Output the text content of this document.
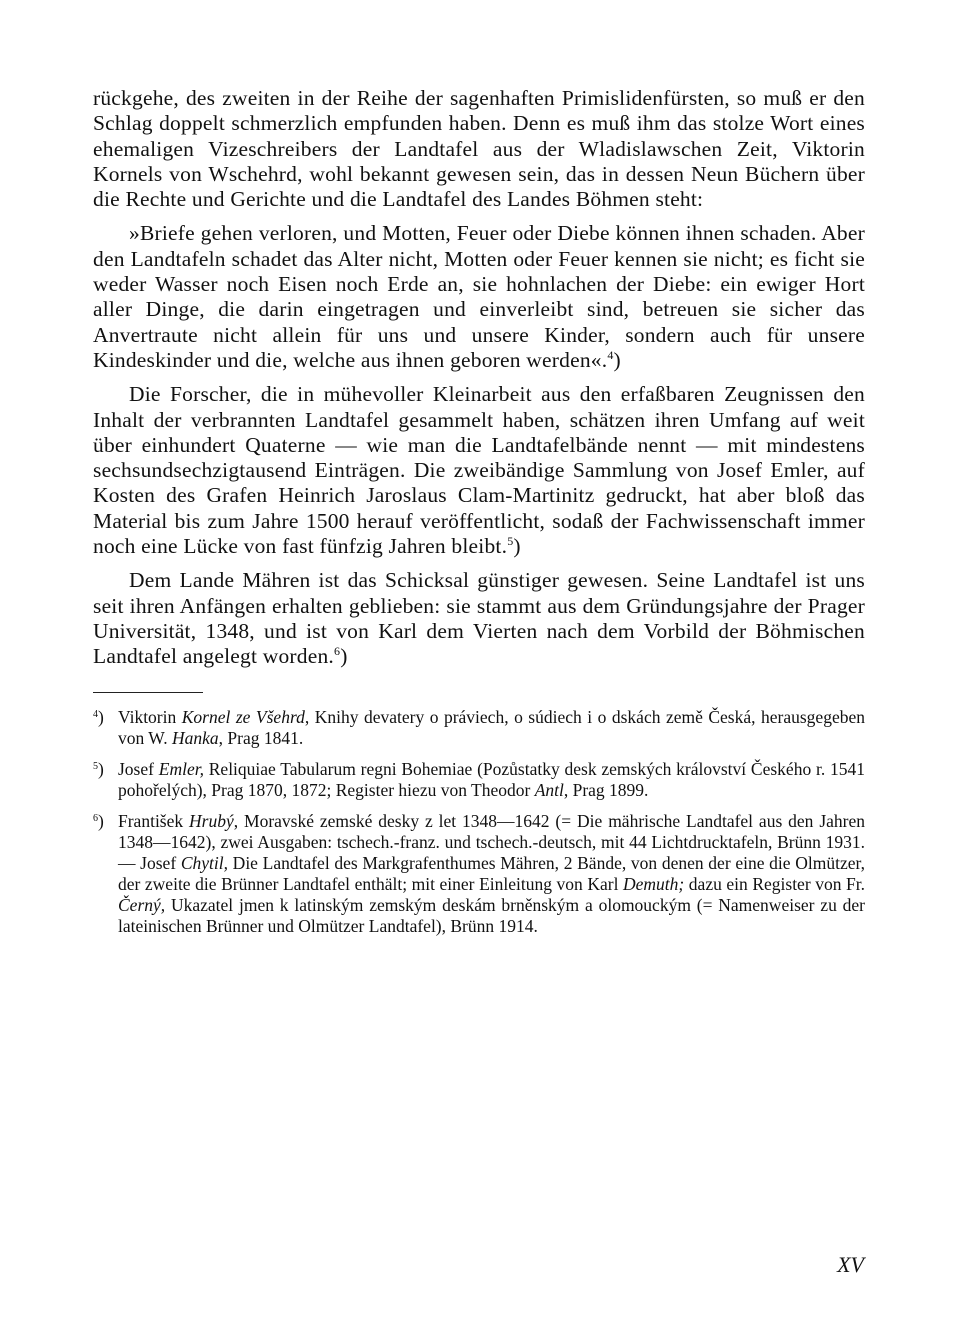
rückgehe, des zweiten in der Reihe der sagenhaften Primislidenfürsten, so muß er den Schlag doppelt schmerzlich empfunden haben. Denn es muß ihm das stolze Wort eines ehemaligen Vizeschreibers der Landtafel aus der Wladislawschen Zeit, Viktorin Kornels von Wschehrd, wohl bekannt gewesen sein, das in dessen Neun Büchern über die Rechte und Gerichte und die Landtafel des Landes Böhmen steht:

»Briefe gehen verloren, und Motten, Feuer oder Diebe können ihnen schaden. Aber den Landtafeln schadet das Alter nicht, Motten oder Feuer kennen sie nicht; es ficht sie weder Wasser noch Eisen noch Erde an, sie hohnlachen der Diebe: ein ewiger Hort aller Dinge, die darin eingetragen und einverleibt sind, betreuen sie sicher das Anvertraute nicht allein für uns und unsere Kinder, sondern auch für unsere Kindeskinder und die, welche aus ihnen geboren werden«.$^4$)

Die Forscher, die in mühevoller Kleinarbeit aus den erfaßbaren Zeugnissen den Inhalt der verbrannten Landtafel gesammelt haben, schätzen ihren Umfang auf weit über einhundert Quaterne — wie man die Landtafelbände nennt — mit mindestens sechsundsechzigtausend Einträgen. Die zweibändige Sammlung von Josef Emler, auf Kosten des Grafen Heinrich Jaroslaus Clam-Martinitz gedruckt, hat aber bloß das Material bis zum Jahre 1500 herauf veröffentlicht, sodaß der Fachwissenschaft immer noch eine Lücke von fast fünfzig Jahren bleibt.$^5$)

Dem Lande Mähren ist das Schicksal günstiger gewesen. Seine Landtafel ist uns seit ihren Anfängen erhalten geblieben: sie stammt aus dem Gründungsjahre der Prager Universität, 1348, und ist von Karl dem Vierten nach dem Vorbild der Böhmischen Landtafel angelegt worden.$^6$)

$^4$) Viktorin Kornel ze Všehrd, Knihy devatery o práviech, o súdiech i o dskách země Česká, herausgegeben von W. Hanka, Prag 1841.

$^5$) Josef Emler, Reliquiae Tabularum regni Bohemiae (Pozůstatky desk zemských království Českého r. 1541 pohořelých), Prag 1870, 1872; Register hiezu von Theodor Antl, Prag 1899.

$^6$) František Hrubý, Moravské zemské desky z let 1348—1642 (= Die mährische Landtafel aus den Jahren 1348—1642), zwei Ausgaben: tschech.-franz. und tschech.-deutsch, mit 44 Lichtdrucktafeln, Brünn 1931. — Josef Chytil, Die Landtafel des Markgrafenthumes Mähren, 2 Bände, von denen der eine die Olmützer, der zweite die Brünner Landtafel enthält; mit einer Einleitung von Karl Demuth; dazu ein Register von Fr. Černý, Ukazatel jmen k latinským zemským deskám brněnským a olomouckým (= Namenweiser zu der lateinischen Brünner und Olmützer Landtafel), Brünn 1914.

XV
